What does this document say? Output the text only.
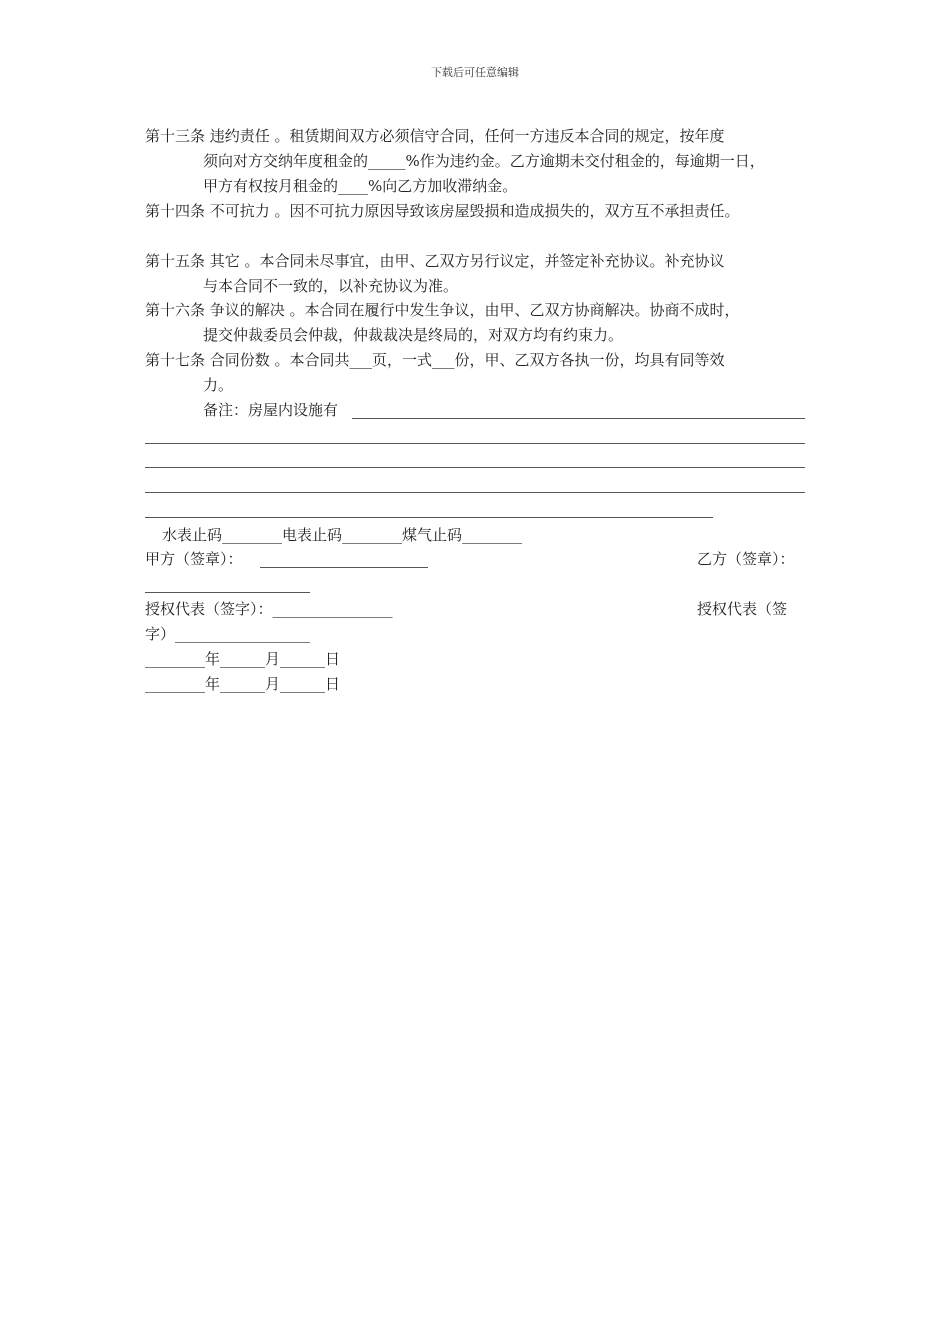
下载后可任意编辑
第十三条 违约责任 。租赁期间双方必须信守合同，任何一方违反本合同的规定，按年度
须向对方交纳年度租金的_____%作为违约金。乙方逾期未交付租金的，每逾期一日，
甲方有权按月租金的____%向乙方加收滞纳金。
第十四条 不可抗力 。因不可抗力原因导致该房屋毁损和造成损失的，双方互不承担责任。
第十五条 其它 。本合同未尽事宜，由甲、乙双方另行议定，并签定补充协议。补充协议
与本合同不一致的，以补充协议为准。
第十六条 争议的解决 。本合同在履行中发生争议，由甲、乙双方协商解决。协商不成时，
提交仲裁委员会仲裁，仲裁裁决是终局的，对双方均有约束力。
第十七条 合同份数 。本合同共___页，一式___份，甲、乙双方各执一份，均具有同等效
力。
备注：房屋内设施有
水表止码________电表止码________煤气止码________
甲方（签章）：	乙方（签章）：
授权代表（签字）：________________	授权代表（签
字）__________________
________年______月______日
________年______月______日
